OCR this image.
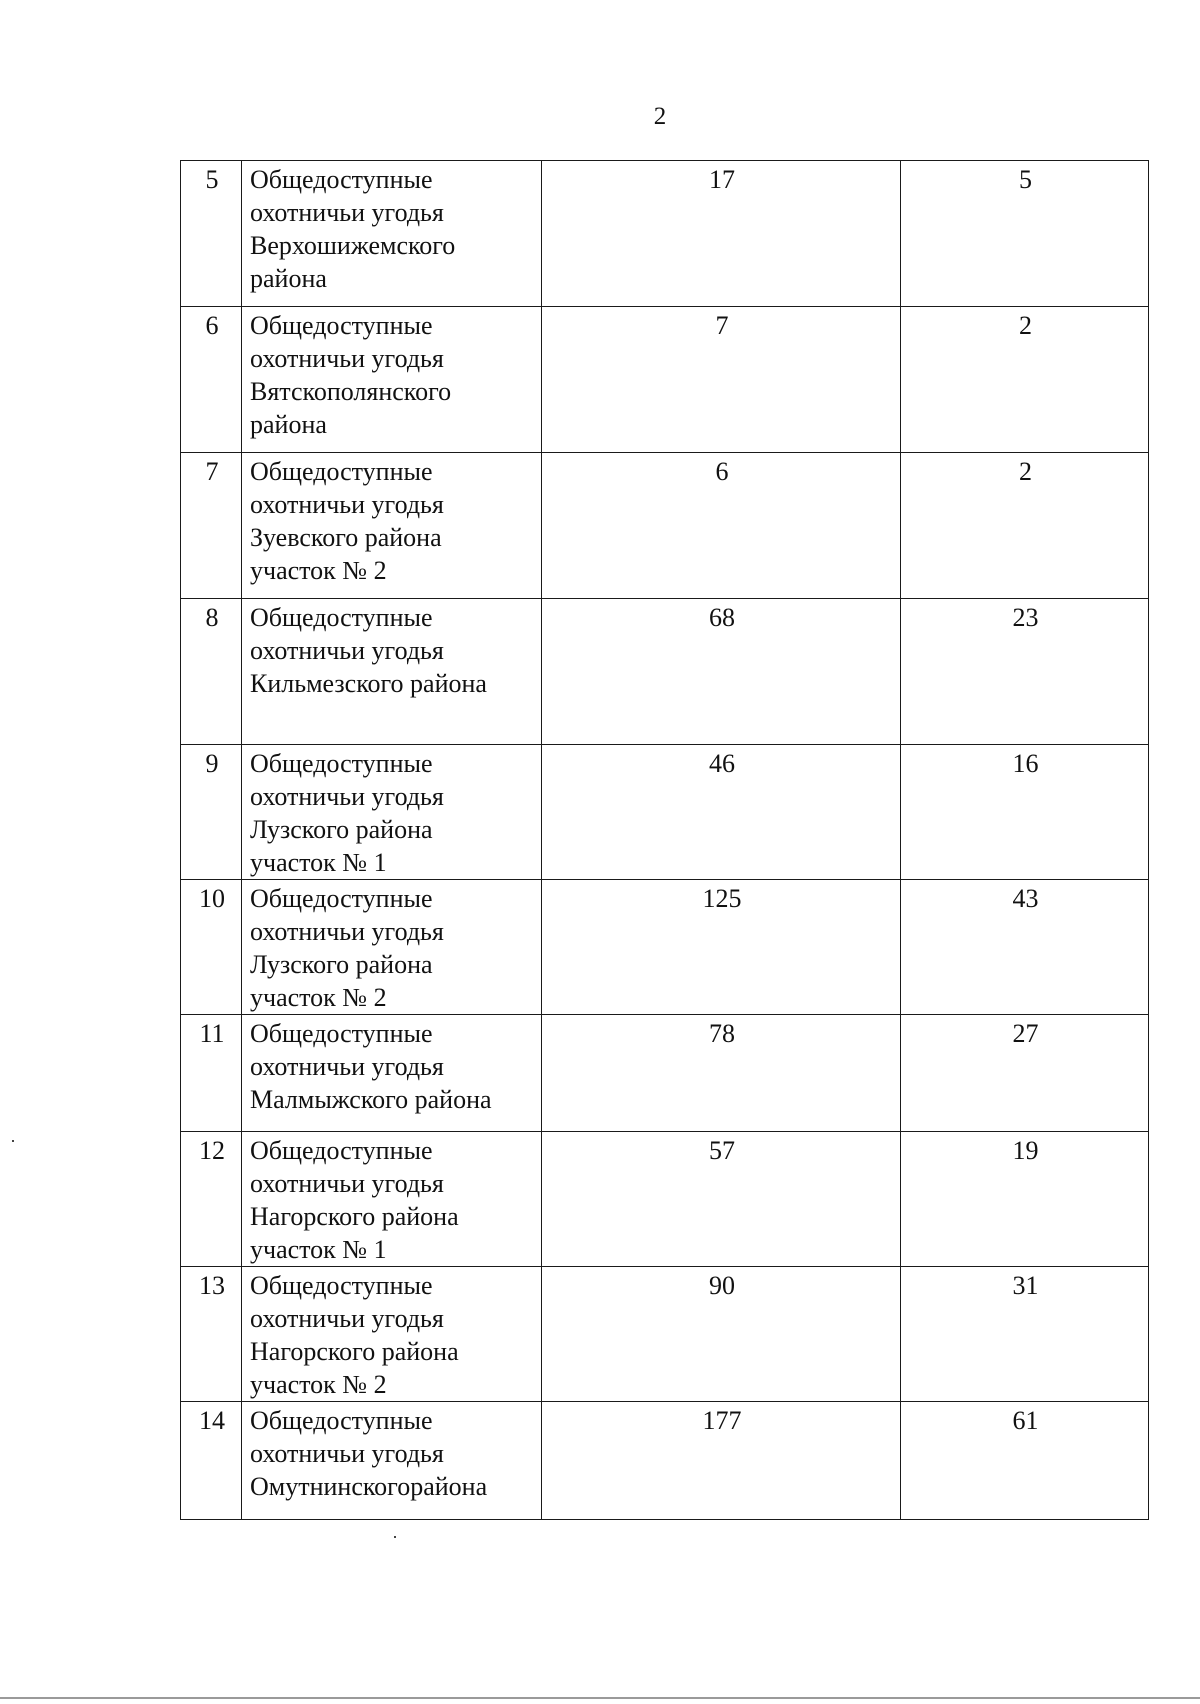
2
5	Общедоступные
охотничьи угодья
Верхошижемского
района	17	5
6	Общедоступные
охотничьи угодья
Вятскополянского
района	7	2
7	Общедоступные
охотничьи угодья
Зуевского района
участок № 2	6	2
8	Общедоступные
охотничьи угодья
Кильмезского района	68	23
9	Общедоступные
охотничьи угодья
Лузского района
участок № 1	46	16
10	Общедоступные
охотничьи угодья
Лузского района
участок № 2	125	43
11	Общедоступные
охотничьи угодья
Малмыжского района	78	27
12	Общедоступные
охотничьи угодья
Нагорского района
участок № 1	57	19
13	Общедоступные
охотничьи угодья
Нагорского района
участок № 2	90	31
14	Общедоступные
охотничьи угодья
Омутнинскогорайона	177	61
